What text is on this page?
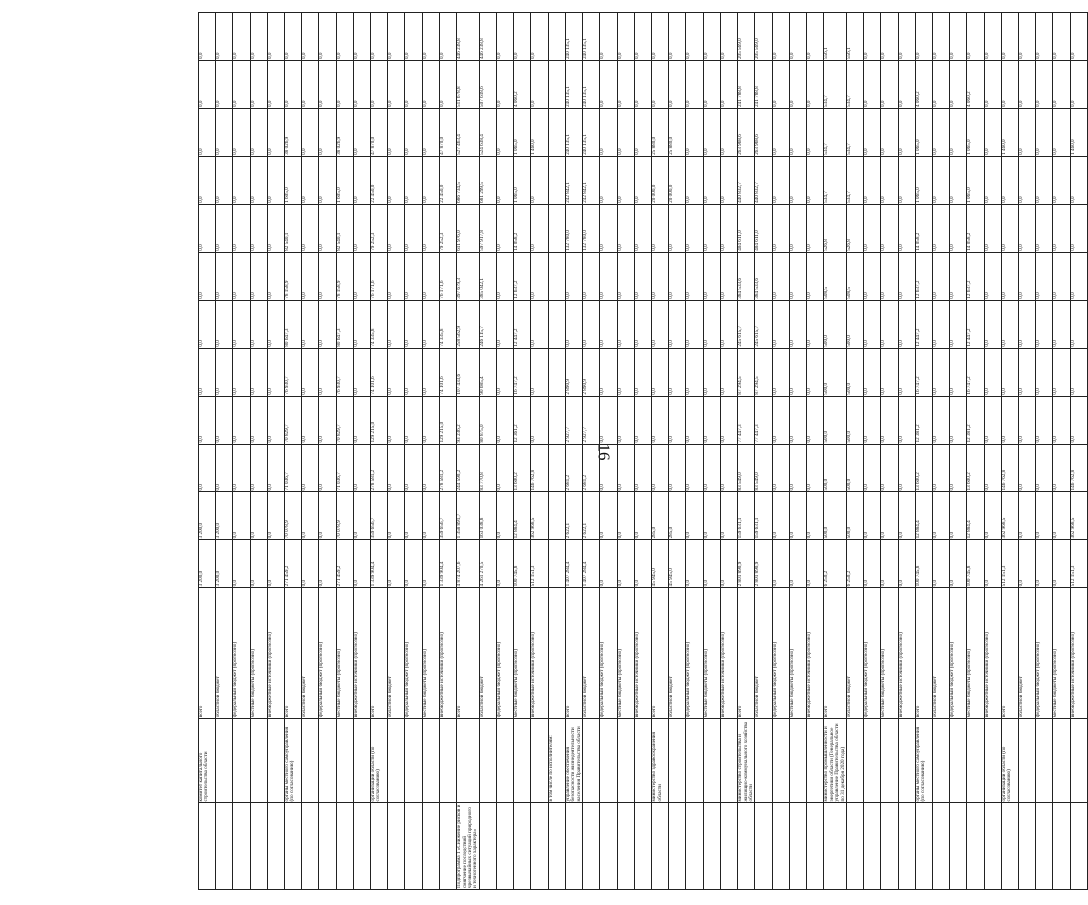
16
	комитет капитального строительства области	всего	3 200,0	3 200,0	0,0	0,0	0,0	0,0	0,0	0,0	0,0	0,0	0,0	0,0
		областной бюджет	3 200,0	3 200,0	0,0	0,0	0,0	0,0	0,0	0,0	0,0	0,0	0,0	0,0
		федеральный бюджет (прогнозно)	0,0	0,0	0,0	0,0	0,0	0,0	0,0	0,0	0,0	0,0	0,0	0,0
		местные бюджеты (прогнозно)	0,0	0,0	0,0	0,0	0,0	0,0	0,0	0,0	0,0	0,0	0,0	0,0
		внебюджетные источники (прогнозно)	0,0	0,0	0,0	0,0	0,0	0,0	0,0	0,0	0,0	0,0	0,0	0,0
	органы местного самоуправления (по согласованию)	всего	271 459,2	70 078,9	71 036,7	70 829,7	76 930,7	80 647,3	78 158,9	82 540,1	1 605,0	38 026,9	0,0	0,0
		областной бюджет	0,0	0,0	0,0	0,0	0,0	0,0	0,0	0,0	0,0	0,0	0,0	0,0
		федеральный бюджет (прогнозно)	0,0	0,0	0,0	0,0	0,0	0,0	0,0	0,0	0,0	0,0	0,0	0,0
		местные бюджеты (прогнозно)	271 459,2	70 078,9	71 036,7	70 829,7	76 930,7	80 647,3	78 158,9	82 540,1	1 605,0	38 026,9	0,0	0,0
		внебюджетные источники (прогнозно)	0,0	0,0	0,0	0,0	0,0	0,0	0,0	0,0	0,0	0,0	0,0	0,0
	организации области (по согласованию)	всего	1 339 904,4	359 656,7	278 581,2	129 215,0	74 101,6	74 335,8	76 171,6	79 252,3	22 450,0	47 870,0	0,0	0,0
		областной бюджет	0,0	0,0	0,0	0,0	0,0	0,0	0,0	0,0	0,0	0,0	0,0	0,0
		федеральный бюджет (прогнозно)	0,0	0,0	0,0	0,0	0,0	0,0	0,0	0,0	0,0	0,0	0,0	0,0
		местные бюджеты (прогнозно)	0,0	0,0	0,0	0,0	0,0	0,0	0,0	0,0	0,0	0,0	0,0	0,0
		внебюджетные источники (прогнозно)	1 339 904,4	359 656,7	278 581,2	129 215,0	74 101,6	74 335,8	76 171,6	79 252,3	22 450,0	47 870,0	0,0	0,0
Подпрограмма 1 «Снижение рисков и смягчение последствий чрезвычайных ситуаций природного и техногенного характера»		всего	4 874 207,6	1 358 891,7	244 590,2	93 236,2	107 433,6	258 562,9	397 679,3	611 976,0	686 734,5	527 463,4	511 678,8	446 238,8
		областной бюджет	4 261 270,5	163 038,8	83 770,8	80 875,0	90 685,4	246 115,7	385 042,1	597 917,8	681 299,5	524 638,4	507 618,6	446 238,8
		федеральный бюджет (прогнозно)	0,0	0,0	0,0	0,0	0,0	0,0	0,0	0,0	0,0	0,0	0,0	0,0
		местные бюджеты (прогнозно)	100 745,8	12 884,4	13 600,2	12 361,2	16 747,2	12 447,2	12 637,2	14 058,2	1 065,0	1 065,0	4 060,2	0,0
		внебюджетные источники (прогнозно)	512 151,3	362 968,5	146 762,8	0,0	0,0	0,0	0,0	0,0	0,0	1 460,0	0,0	0,0
	в том числе по исполнителям:													
	управление обеспечения безопасности жизнедеятельности населения Правительства области	всего	1 407 284,4	2 622,1	2 681,2	2 927,7	2 890,9	0,0	0,0	132 780,0	242 842,1	240 135,1	240 135,1	240 135,1
		областной бюджет	1 407 284,4	2 622,1	2 681,2	2 927,7	2 890,9	0,0	0,0	132 780,0	242 842,1	240 135,1	240 135,1	240 135,1
		федеральный бюджет (прогнозно)	0,0	0,0	0,0	0,0	0,0	0,0	0,0	0,0	0,0	0,0	0,0	0,0
		местные бюджеты (прогнозно)	0,0	0,0	0,0	0,0	0,0	0,0	0,0	0,0	0,0	0,0	0,0	0,0
		внебюджетные источники (прогнозно)	0,0	0,0	0,0	0,0	0,0	0,0	0,0	0,0	0,0	0,0	0,0	0,0
	министерство здравоохранения области	всего	45 945,0	285,0	0,0	0,0	0,0	0,0	0,0	0,0	20 000,0	25 880,0	0,0	0,0
		областной бюджет	45 945,0	285,0	0,0	0,0	0,0	0,0	0,0	0,0	20 000,0	25 880,0	0,0	0,0
		федеральный бюджет (прогнозно)	0,0	0,0	0,0	0,0	0,0	0,0	0,0	0,0	0,0	0,0	0,0	0,0
		местные бюджеты (прогнозно)	0,0	0,0	0,0	0,0	0,0	0,0	0,0	0,0	0,0	0,0	0,0	0,0
		внебюджетные источники (прогнозно)	0,0	0,0	0,0	0,0	0,0	0,0	0,0	0,0	0,0	0,0	0,0	0,0
	министерство строительства и жилищно-коммунального хозяйства области	всего	2 801 890,9	159 631,1	83 549,0	77 447,3	87 294,5	245 615,7	384 533,6	404 611,0	440 832,7	263 968,6	241 788,8	205 569,0
		областной бюджет	2 801 890,9	159 631,1	83 549,0	77 447,3	87 294,5	245 615,7	384 533,6	404 611,0	440 832,7	263 968,6	241 788,8	205 569,0
		федеральный бюджет (прогнозно)	0,0	0,0	0,0	0,0	0,0	0,0	0,0	0,0	0,0	0,0	0,0	0,0
		местные бюджеты (прогнозно)	0,0	0,0	0,0	0,0	0,0	0,0	0,0	0,0	0,0	0,0	0,0	0,0
		внебюджетные источники (прогнозно)	0,0	0,0	0,0	0,0	0,0	0,0	0,0	0,0	0,0	0,0	0,0	0,0
	министерство промышленности и энергетики области (Генеральное управление Правительства области по 31 декабря 2020 года)	всего	6 250,2	500,0	500,0	500,0	500,0	500,0	508,5	526,8	534,7	534,7	534,7	556,1
		областной бюджет	6 250,2	500,0	500,0	500,0	500,0	500,0	508,5	526,8	534,7	534,7	534,7	556,1
		федеральный бюджет (прогнозно)	0,0	0,0	0,0	0,0	0,0	0,0	0,0	0,0	0,0	0,0	0,0	0,0
		местные бюджеты (прогнозно)	0,0	0,0	0,0	0,0	0,0	0,0	0,0	0,0	0,0	0,0	0,0	0,0
		внебюджетные источники (прогнозно)	0,0	0,0	0,0	0,0	0,0	0,0	0,0	0,0	0,0	0,0	0,0	0,0
	органы местного самоуправления (по согласованию)	всего	100 745,8	12 884,4	13 600,2	12 381,2	16 747,2	12 447,2	12 637,2	14 058,2	1 065,0	1 065,0	4 060,2	0,0
		областной бюджет	0,0	0,0	0,0	0,0	0,0	0,0	0,0	0,0	0,0	0,0	0,0	0,0
		федеральный бюджет (прогнозно)	0,0	0,0	0,0	0,0	0,0	0,0	0,0	0,0	0,0	0,0	0,0	0,0
		местные бюджеты (прогнозно)	100 745,8	12 884,4	13 600,2	12 381,2	16 747,2	12 447,2	12 637,2	14 058,2	1 065,0	1 065,0	4 060,2	0,0
		внебюджетные источники (прогнозно)	0,0	0,0	0,0	0,0	0,0	0,0	0,0	0,0	0,0	0,0	0,0	0,0
	организации области (по согласованию)	всего	512 151,3	362 968,5	146 762,8	0,0	0,0	0,0	0,0	0,0	0,0	1 460,0	0,0	0,0
		областной бюджет	0,0	0,0	0,0	0,0	0,0	0,0	0,0	0,0	0,0	0,0	0,0	0,0
		федеральный бюджет (прогнозно)	0,0	0,0	0,0	0,0	0,0	0,0	0,0	0,0	0,0	0,0	0,0	0,0
		местные бюджеты (прогнозно)	0,0	0,0	0,0	0,0	0,0	0,0	0,0	0,0	0,0	0,0	0,0	0,0
		внебюджетные источники (прогнозно)	512 151,3	362 968,5	146 762,8	0,0	0,0	0,0	0,0	0,0	0,0	1 460,0	0,0	0,0
